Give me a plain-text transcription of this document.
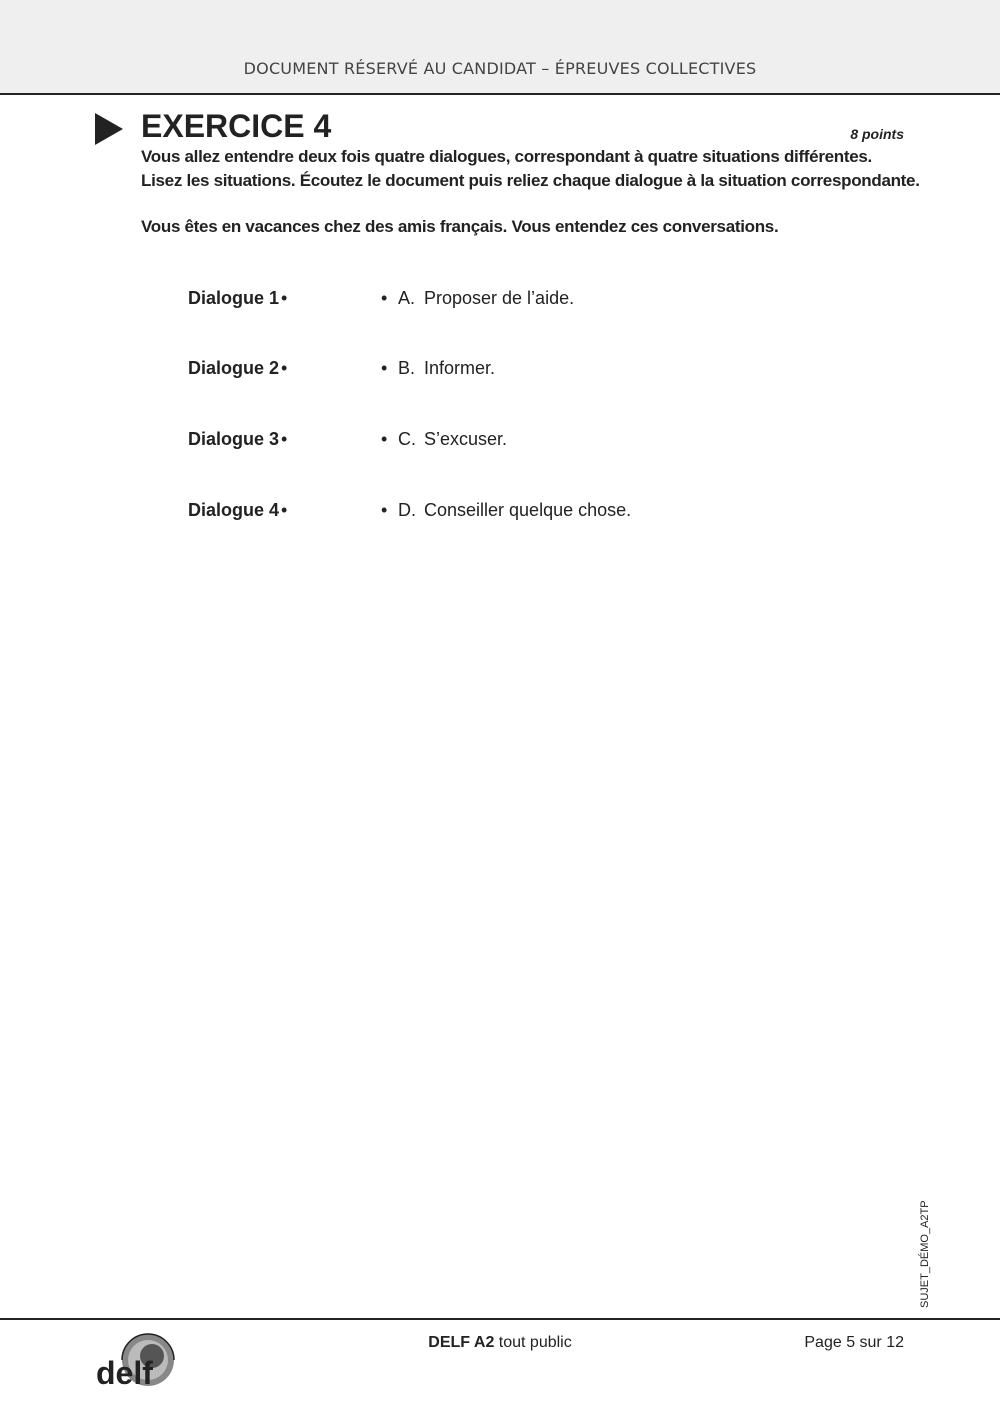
DOCUMENT RÉSERVÉ AU CANDIDAT – ÉPREUVES COLLECTIVES
EXERCICE 4	8 points
Vous allez entendre deux fois quatre dialogues, correspondant à quatre situations différentes.
Lisez les situations. Écoutez le document puis reliez chaque dialogue à la situation correspondante.
Vous êtes en vacances chez des amis français. Vous entendez ces conversations.
Dialogue 1 •	• A. Proposer de l’aide.
Dialogue 2 •	• B. Informer.
Dialogue 3 •	• C. S’excuser.
Dialogue 4 •	• D. Conseiller quelque chose.
SUJET_DÉMO_A2TP
delf
DELF A2 tout public	Page 5 sur 12
